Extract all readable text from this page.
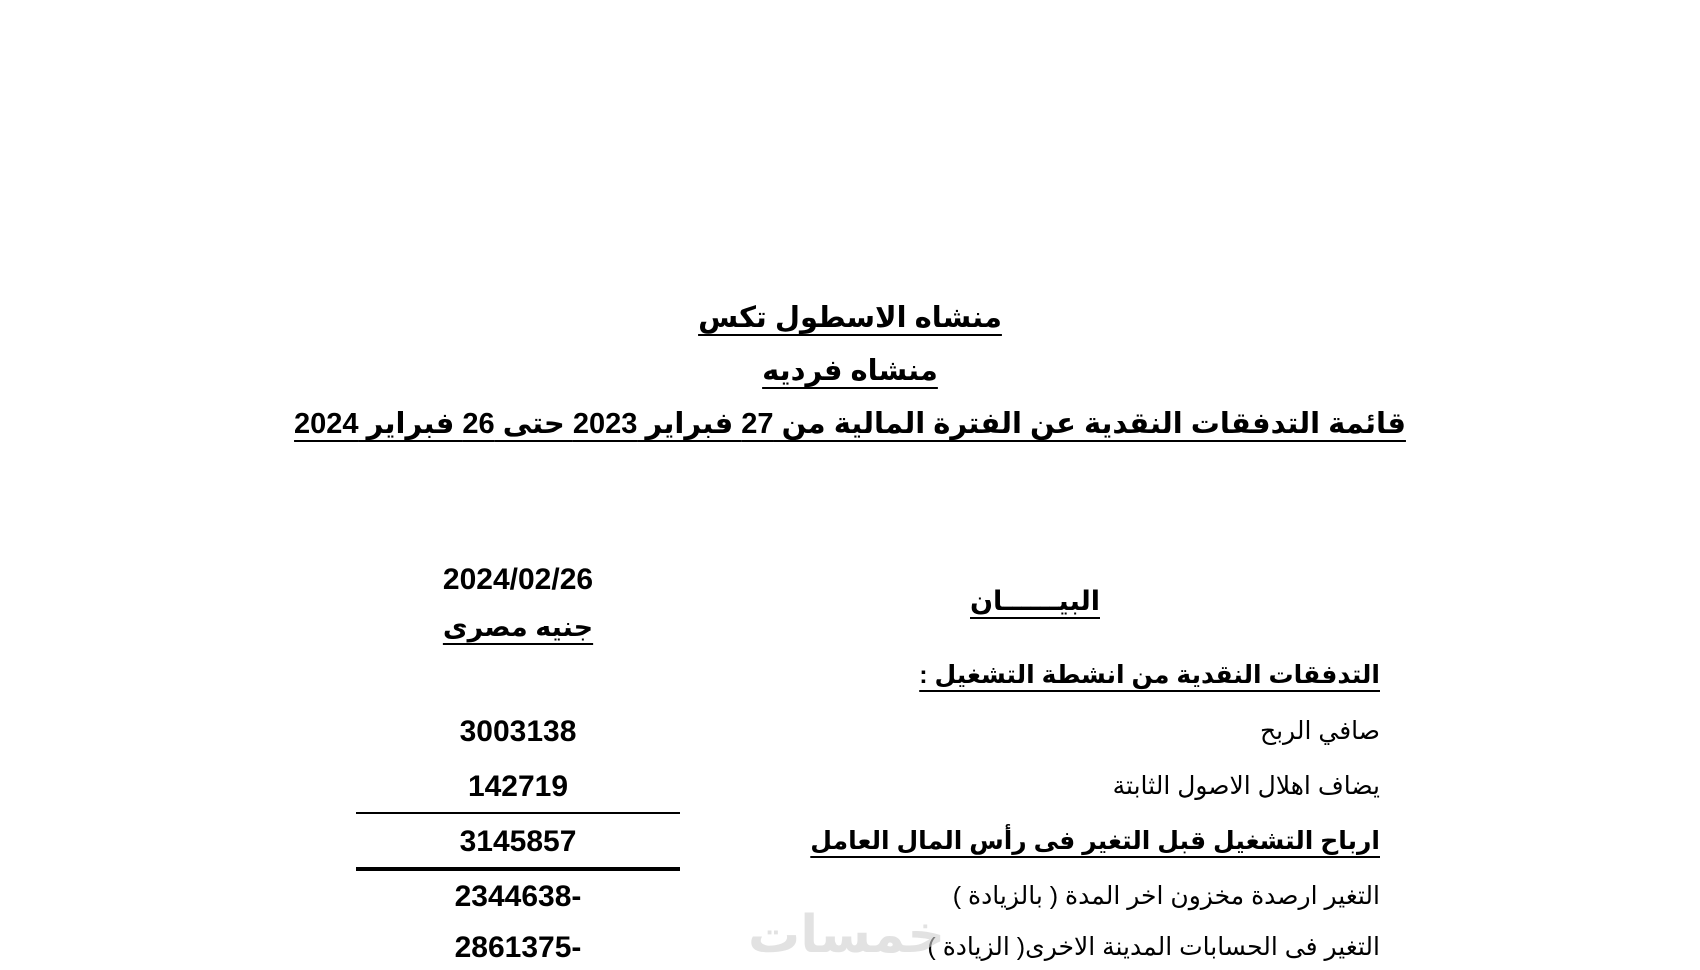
منشاه الاسطول تكس
منشاه فرديه
قائمة التدفقات النقدية عن الفترة المالية من 27 فبراير 2023 حتى 26 فبراير 2024
2024/02/26
جنيه مصرى
البيــــــان
التدفقات النقدية من انشطة التشغيل :
صافي الربح
3003138
يضاف اهلال الاصول الثابتة
142719
ارباح التشغيل قبل التغير فى رأس المال العامل
3145857
التغير ارصدة مخزون اخر المدة ( بالزيادة )
2344638-
التغير فى الحسابات المدينة الاخرى( الزيادة )
2861375-	خمسات
